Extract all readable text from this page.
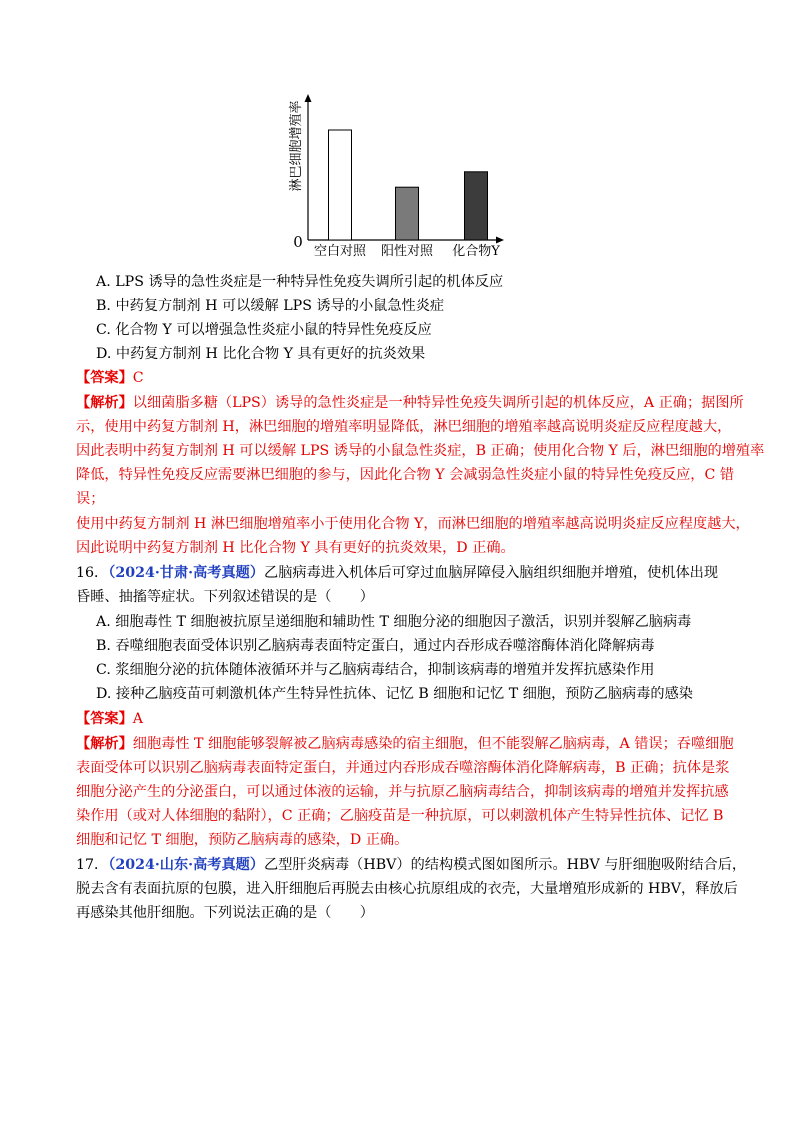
空白对照 阳性对照 化合物Y
0
淋巴细胞增殖率
A. LPS 诱导的急性炎症是一种特异性免疫失调所引起的机体反应
B. 中药复方制剂 H 可以缓解 LPS 诱导的小鼠急性炎症
C. 化合物 Y 可以增强急性炎症小鼠的特异性免疫反应
D. 中药复方制剂 H 比化合物 Y 具有更好的抗炎效果
【答案】C
【解析】以细菌脂多糖（LPS）诱导的急性炎症是一种特异性免疫失调所引起的机体反应，A 正确；据图所
示，使用中药复方制剂 H，淋巴细胞的增殖率明显降低，淋巴细胞的增殖率越高说明炎症反应程度越大，
因此表明中药复方制剂 H 可以缓解 LPS 诱导的小鼠急性炎症，B 正确；使用化合物 Y 后，淋巴细胞的增殖率
降低，特异性免疫反应需要淋巴细胞的参与，因此化合物 Y 会减弱急性炎症小鼠的特异性免疫反应，C 错
误；
使用中药复方制剂 H 淋巴细胞增殖率小于使用化合物 Y，而淋巴细胞的增殖率越高说明炎症反应程度越大，
因此说明中药复方制剂 H 比化合物 Y 具有更好的抗炎效果，D 正确。
16．（2024·甘肃·高考真题）乙脑病毒进入机体后可穿过血脑屏障侵入脑组织细胞并增殖，使机体出现
昏睡、抽搐等症状。下列叙述错误的是（　　）
A. 细胞毒性 T 细胞被抗原呈递细胞和辅助性 T 细胞分泌的细胞因子激活，识别并裂解乙脑病毒
B. 吞噬细胞表面受体识别乙脑病毒表面特定蛋白，通过内吞形成吞噬溶酶体消化降解病毒
C. 浆细胞分泌的抗体随体液循环并与乙脑病毒结合，抑制该病毒的增殖并发挥抗感染作用
D. 接种乙脑疫苗可刺激机体产生特异性抗体、记忆 B 细胞和记忆 T 细胞，预防乙脑病毒的感染
【答案】A
【解析】细胞毒性 T 细胞能够裂解被乙脑病毒感染的宿主细胞，但不能裂解乙脑病毒，A 错误；吞噬细胞
表面受体可以识别乙脑病毒表面特定蛋白，并通过内吞形成吞噬溶酶体消化降解病毒，B 正确；抗体是浆
细胞分泌产生的分泌蛋白，可以通过体液的运输，并与抗原乙脑病毒结合，抑制该病毒的增殖并发挥抗感
染作用（或对人体细胞的黏附），C 正确；乙脑疫苗是一种抗原，可以刺激机体产生特异性抗体、记忆 B
细胞和记忆 T 细胞，预防乙脑病毒的感染，D 正确。
17．（2024·山东·高考真题）乙型肝炎病毒（HBV）的结构模式图如图所示。HBV 与肝细胞吸附结合后，
脱去含有表面抗原的包膜，进入肝细胞后再脱去由核心抗原组成的衣壳，大量增殖形成新的 HBV，释放后
再感染其他肝细胞。下列说法正确的是（　　）
